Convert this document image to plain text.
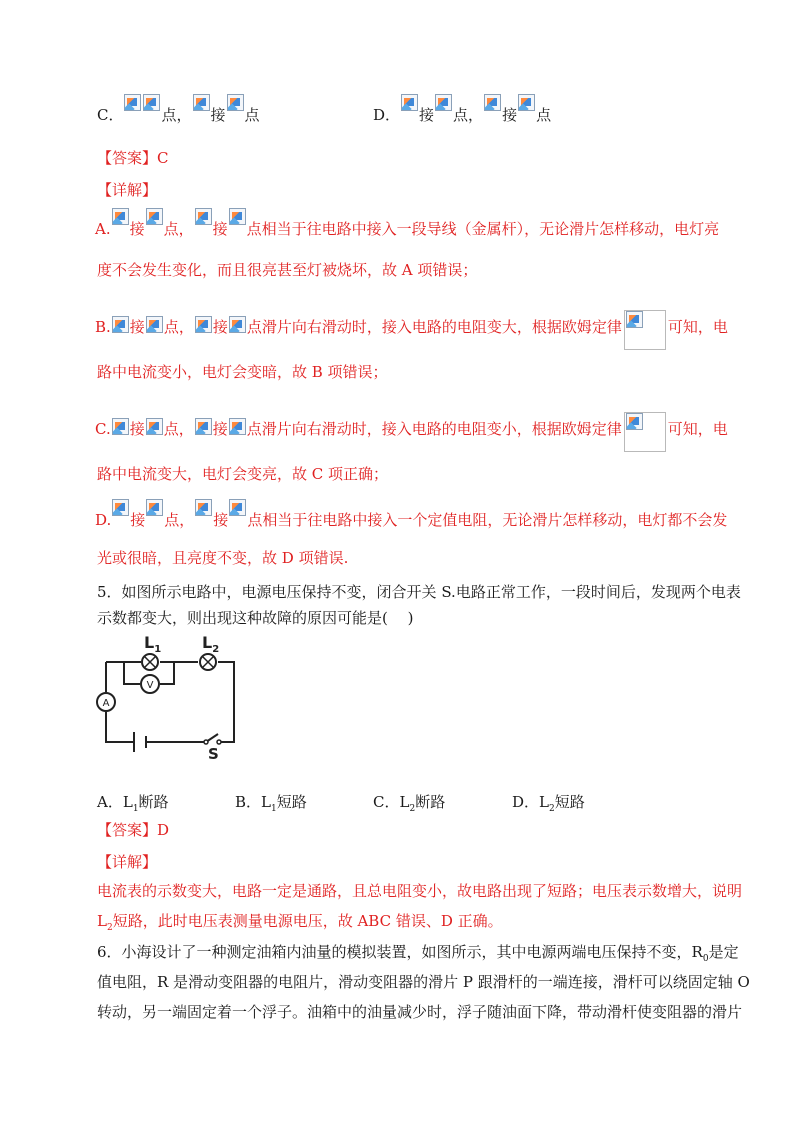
C．	点， 接 点	D． 接 点， 接 点
【答案】C
【详解】
A. 接 点， 接 点相当于往电路中接入一段导线（金属杆），无论滑片怎样移动，电灯亮
度不会发生变化，而且很亮甚至灯被烧坏，故 A 项错误；
B. 接 点， 接 点滑片向右滑动时，接入电路的电阻变大，根据欧姆定律	可知，电
路中电流变小，电灯会变暗，故 B 项错误；
C. 接 点， 接 点滑片向右滑动时，接入电路的电阻变小，根据欧姆定律	可知，电
路中电流变大，电灯会变亮，故 C 项正确；
D. 接 点， 接 点相当于往电路中接入一个定值电阻，无论滑片怎样移动，电灯都不会发
光或很暗，且亮度不变，故 D 项错误.
5．如图所示电路中，电源电压保持不变，闭合开关 S.电路正常工作，一段时间后，发现两个电表
示数都变大，则出现这种故障的原因可能是(　 )
V
A
$L_1$	$L_2$
S
A．$L_1$断路	B．$L_1$短路	C．$L_2$断路	D．$L_2$短路
【答案】D
【详解】
电流表的示数变大，电路一定是通路，且总电阻变小，故电路出现了短路；电压表示数增大，说明
$L_2$短路，此时电压表测量电源电压，故 ABC 错误、D 正确。
6．小海设计了一种测定油箱内油量的模拟装置，如图所示，其中电源两端电压保持不变，$R_0$是定
值电阻，R 是滑动变阻器的电阻片，滑动变阻器的滑片 P 跟滑杆的一端连接，滑杆可以绕固定轴 O
转动，另一端固定着一个浮子。油箱中的油量减少时，浮子随油面下降，带动滑杆使变阻器的滑片
